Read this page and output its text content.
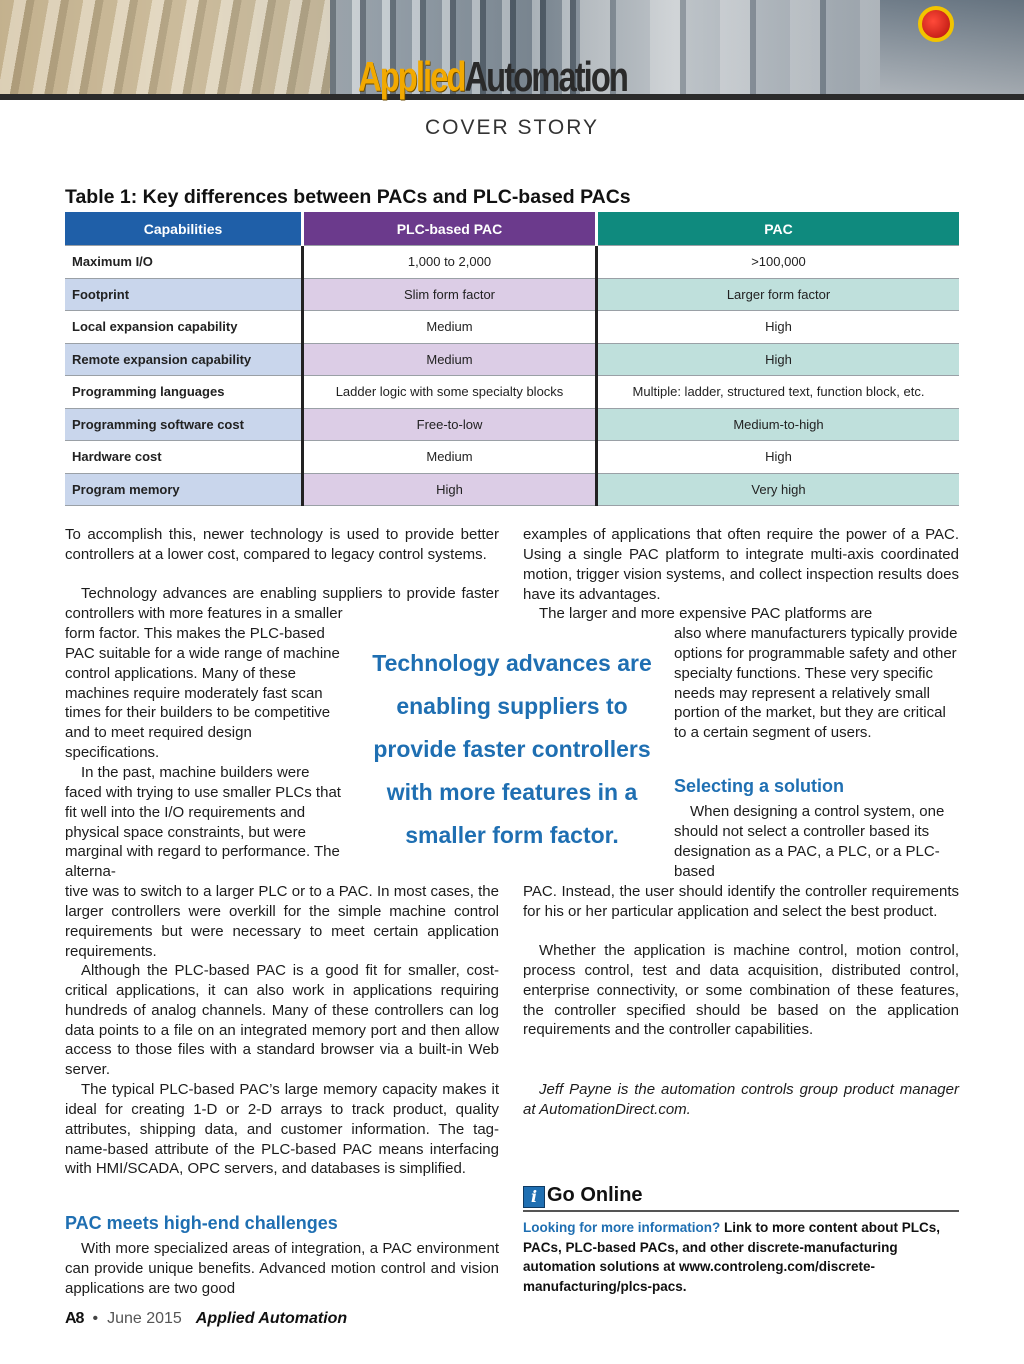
AppliedAutomation
COVER STORY
Table 1: Key differences between PACs and PLC-based PACs
Capabilities	PLC-based PAC	PAC
Maximum I/O	1,000 to 2,000	>100,000
Footprint	Slim form factor	Larger form factor
Local expansion capability	Medium	High
Remote expansion capability	Medium	High
Programming languages	Ladder logic with some specialty blocks	Multiple: ladder, structured text, function block, etc.
Programming software cost	Free-to-low	Medium-to-high
Hardware cost	Medium	High
Program memory	High	Very high

To accomplish this, newer technology is used to provide better controllers at a lower cost, compared to legacy control systems.

Technology advances are enabling suppliers to provide faster controllers with more features in a smaller

form factor. This makes the PLC-based PAC suitable for a wide range of machine control applications. Many of these machines require moderately fast scan times for their builders to be competitive and to meet required design specifications.

In the past, machine builders were faced with trying to use smaller PLCs that fit well into the I/O requirements and physical space constraints, but were marginal with regard to performance. The alterna-

tive was to switch to a larger PLC or to a PAC. In most cases, the larger controllers were overkill for the simple machine control requirements but were necessary to meet certain application requirements.

Although the PLC-based PAC is a good fit for smaller, cost-critical applications, it can also work in applications requiring hundreds of analog channels. Many of these controllers can log data points to a file on an integrated memory port and then allow access to those files with a standard browser via a built-in Web server.

The typical PLC-based PAC’s large memory capacity makes it ideal for creating 1-D or 2-D arrays to track product, quality attributes, shipping data, and customer information. The tag-name-based attribute of the PLC-based PAC means interfacing with HMI/SCADA, OPC servers, and databases is simplified.

PAC meets high-end challenges

With more specialized areas of integration, a PAC environment can provide unique benefits. Advanced motion control and vision applications are two good

Technology advances are enabling suppliers to provide faster controllers with more features in a smaller form factor.

examples of applications that often require the power of a PAC. Using a single PAC platform to integrate multi-axis coordinated motion, trigger vision systems, and collect inspection results does have its advantages.

The larger and more expensive PAC platforms are

also where manufacturers typically provide options for programmable safety and other specialty functions. These very specific needs may represent a relatively small portion of the market, but they are critical to a certain segment of users.

Selecting a solution

When designing a control system, one should not select a controller based its designation as a PAC, a PLC, or a PLC-based

PAC. Instead, the user should identify the controller requirements for his or her particular application and select the best product.

Whether the application is machine control, motion control, process control, test and data acquisition, distributed control, enterprise connectivity, or some combination of these features, the controller specified should be based on the application requirements and the controller capabilities.

Jeff Payne is the automation controls group product manager at AutomationDirect.com.

i Go Online

Looking for more information? Link to more content about PLCs, PACs, PLC-based PACs, and other discrete-manufacturing automation solutions at www.controleng.com/discrete-manufacturing/plcs-pacs.

A8 • June 2015 Applied Automation
